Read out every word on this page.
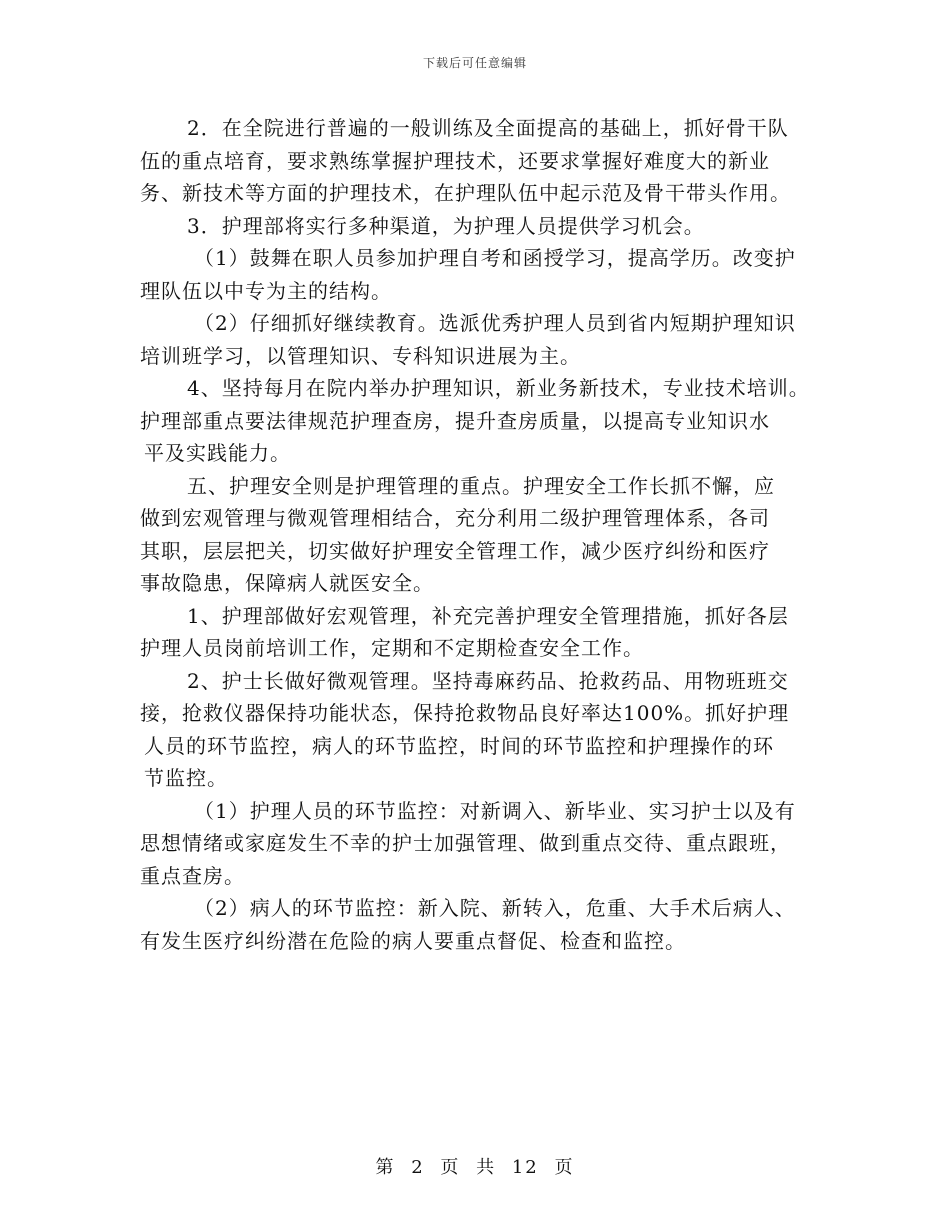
下载后可任意编辑
2．在全院进行普遍的一般训练及全面提高的基础上，抓好骨干队
伍的重点培育，要求熟练掌握护理技术，还要求掌握好难度大的新业
务、新技术等方面的护理技术，在护理队伍中起示范及骨干带头作用。
3．护理部将实行多种渠道，为护理人员提供学习机会。
（1）鼓舞在职人员参加护理自考和函授学习，提高学历。改变护
理队伍以中专为主的结构。
（2）仔细抓好继续教育。选派优秀护理人员到省内短期护理知识
培训班学习，以管理知识、专科知识进展为主。
4、坚持每月在院内举办护理知识，新业务新技术，专业技术培训。
护理部重点要法律规范护理查房，提升查房质量，以提高专业知识水
平及实践能力。
五、护理安全则是护理管理的重点。护理安全工作长抓不懈，应
做到宏观管理与微观管理相结合，充分利用二级护理管理体系，各司
其职，层层把关，切实做好护理安全管理工作，减少医疗纠纷和医疗
事故隐患，保障病人就医安全。
1、护理部做好宏观管理，补充完善护理安全管理措施，抓好各层
护理人员岗前培训工作，定期和不定期检查安全工作。
2、护士长做好微观管理。坚持毒麻药品、抢救药品、用物班班交
接，抢救仪器保持功能状态，保持抢救物品良好率达100%。抓好护理
人员的环节监控，病人的环节监控，时间的环节监控和护理操作的环
节监控。
（1）护理人员的环节监控：对新调入、新毕业、实习护士以及有
思想情绪或家庭发生不幸的护士加强管理、做到重点交待、重点跟班，
重点查房。
（2）病人的环节监控：新入院、新转入，危重、大手术后病人、
有发生医疗纠纷潜在危险的病人要重点督促、检查和监控。
第 2 页 共 12 页
